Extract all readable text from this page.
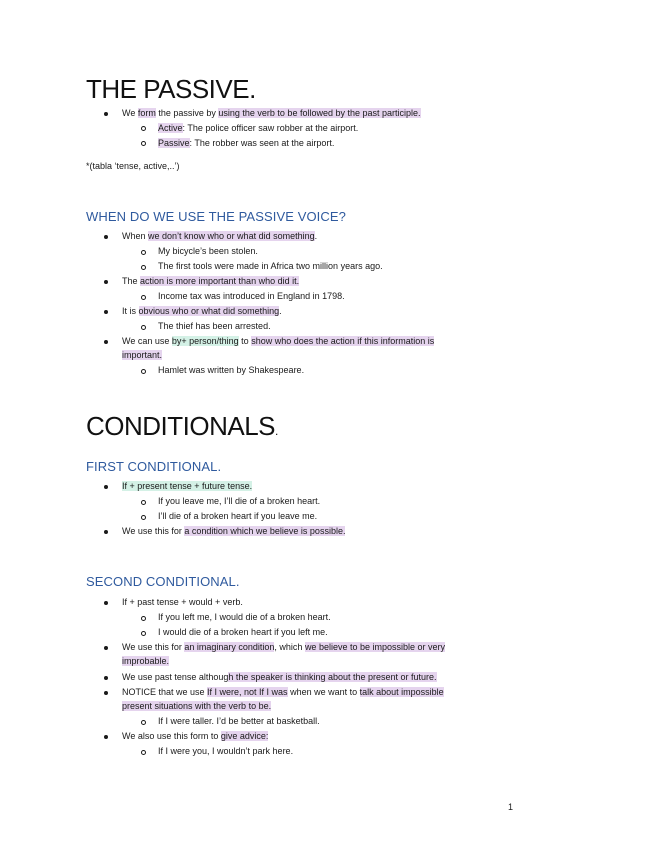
THE PASSIVE.
We form the passive by using the verb to be followed by the past participle.
Active: The police officer saw robber at the airport.
Passive: The robber was seen at the airport.
*(tabla ‘tense, active,..’)
WHEN DO WE USE THE PASSIVE VOICE?
When we don’t know who or what did something.
My bicycle’s been stolen.
The first tools were made in Africa two million years ago.
The action is more important than who did it.
Income tax was introduced in England in 1798.
It is obvious who or what did something.
The thief has been arrested.
We can use by+ person/thing to show who does the action if this information is
important.
Hamlet was written by Shakespeare.
CONDITIONALS.
FIRST CONDITIONAL.
If + present tense + future tense.
If you leave me, I’ll die of a broken heart.
I’ll die of a broken heart if you leave me.
We use this for a condition which we believe is possible.
SECOND CONDITIONAL.
If + past tense + would + verb.
If you left me, I would die of a broken heart.
I would die of a broken heart if you left me.
We use this for an imaginary condition, which we believe to be impossible or very
improbable.
We use past tense although the speaker is thinking about the present or future.
NOTICE that we use If I were, not If I was when we want to talk about impossible
present situations with the verb to be.
If I were taller. I’d be better at basketball.
We also use this form to give advice:
If I were you, I wouldn’t park here.
1
